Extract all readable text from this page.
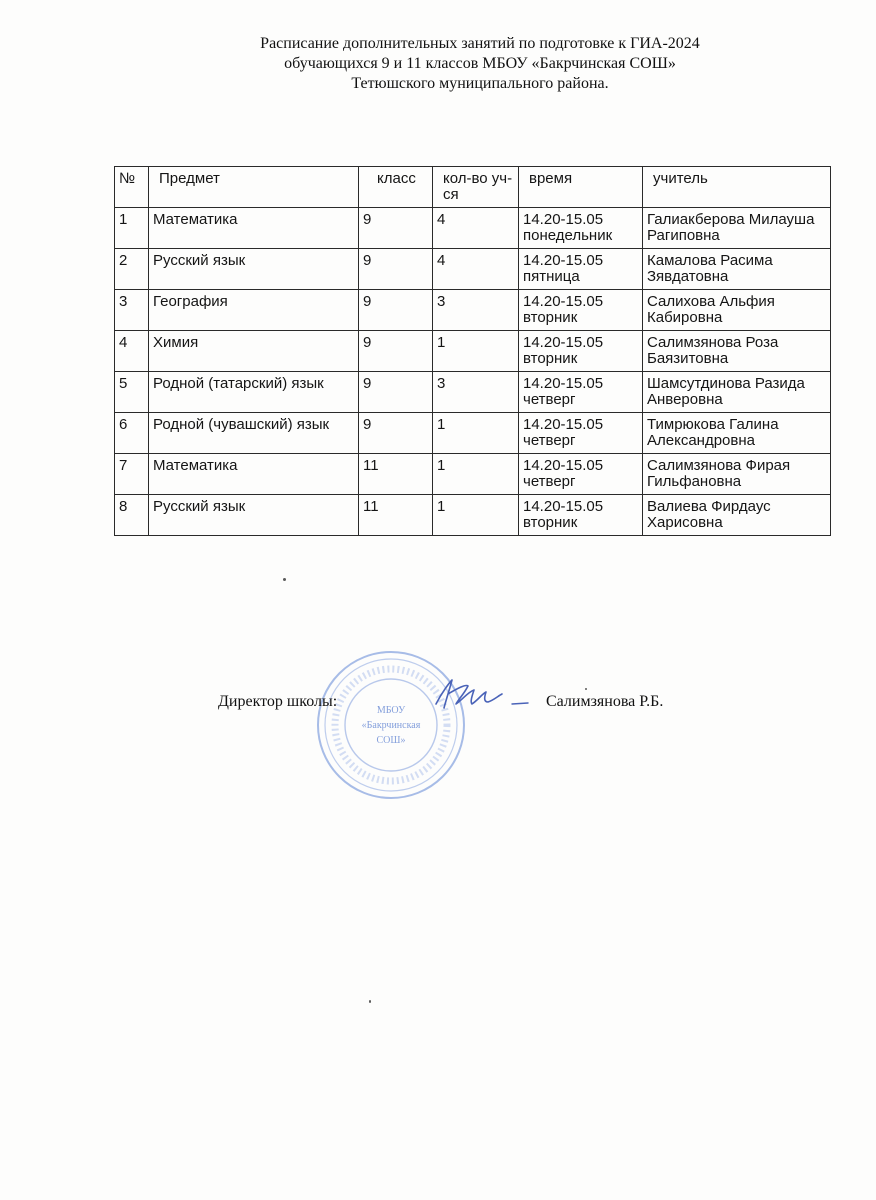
Расписание дополнительных занятий по подготовке к ГИА-2024
обучающихся 9 и 11 классов МБОУ «Бакрчинская СОШ»
Тетюшского муниципального района.
№	Предмет	класс	кол-во уч-ся	время	учитель
1	Математика	9	4	14.20-15.05 понедельник	Галиакберова Милауша Рагиповна
2	Русский язык	9	4	14.20-15.05 пятница	Камалова Расима Зявдатовна
3	География	9	3	14.20-15.05 вторник	Салихова Альфия Кабировна
4	Химия	9	1	14.20-15.05 вторник	Салимзянова Роза Баязитовна
5	Родной (татарский) язык	9	3	14.20-15.05 четверг	Шамсутдинова Разида Анверовна
6	Родной (чувашский) язык	9	1	14.20-15.05 четверг	Тимрюкова Галина Александровна
7	Математика	11	1	14.20-15.05 четверг	Салимзянова Фирая Гильфановна
8	Русский язык	11	1	14.20-15.05 вторник	Валиева Фирдаус Харисовна
МБОУ
«Бакрчинская
СОШ»
Директор школы:	Салимзянова Р.Б.
